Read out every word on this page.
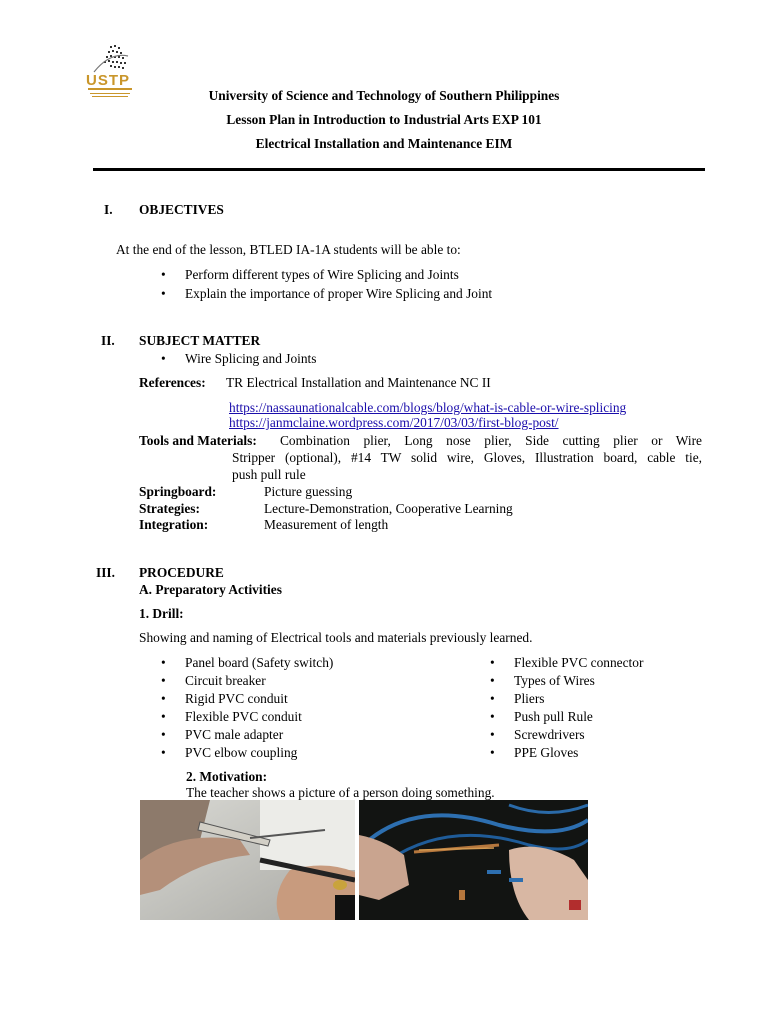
USTP
University of Science and Technology of Southern Philippines
Lesson Plan in Introduction to Industrial Arts EXP 101
Electrical Installation and Maintenance EIM
I. OBJECTIVES
At the end of the lesson, BTLED IA-1A students will be able to:
• Perform different types of Wire Splicing and Joints
• Explain the importance of proper Wire Splicing and Joint
II. SUBJECT MATTER
• Wire Splicing and Joints
References: TR Electrical Installation and Maintenance NC II
https://nassaunationalcable.com/blogs/blog/what-is-cable-or-wire-splicing
https://janmclaine.wordpress.com/2017/03/03/first-blog-post/
Tools and Materials: Combination plier, Long nose plier, Side cutting plier or Wire
Stripper (optional), #14 TW solid wire, Gloves, Illustration board, cable tie,
push pull rule
Springboard:	Picture guessing
Strategies:	Lecture-Demonstration, Cooperative Learning
Integration:	Measurement of length
III. PROCEDURE
A. Preparatory Activities
1. Drill:
Showing and naming of Electrical tools and materials previously learned.
• Panel board (Safety switch)
• Circuit breaker
• Rigid PVC conduit
• Flexible PVC conduit
• PVC male adapter
• PVC elbow coupling
• Flexible PVC connector
• Types of Wires
• Pliers
• Push pull Rule
• Screwdrivers
• PPE Gloves
2. Motivation:
The teacher shows a picture of a person doing something.
